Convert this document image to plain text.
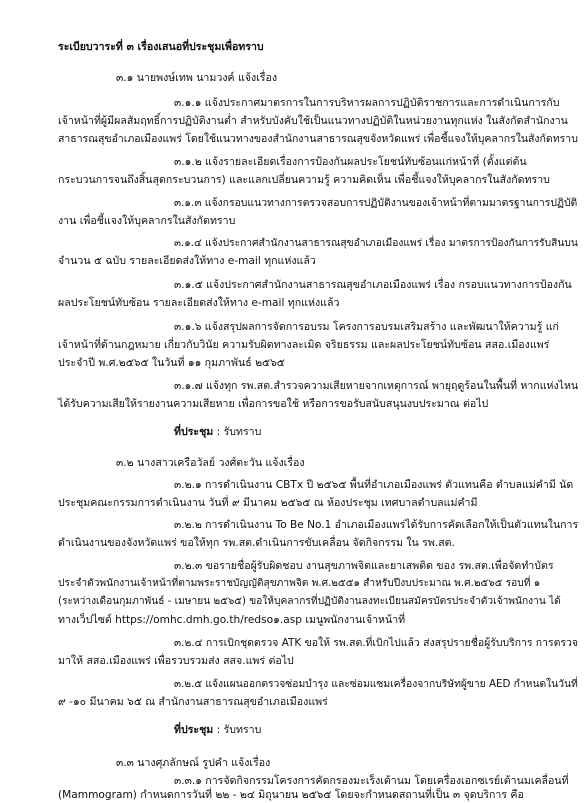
ระเบียบวาระที่ ๓ เรื่องเสนอที่ประชุมเพื่อทราบ
๓.๑ นายพงษ์เทพ นามวงค์ แจ้งเรื่อง
๓.๑.๑ แจ้งประกาศมาตรการในการบริหารผลการปฏิบัติราชการและการดำเนินการกับ
เจ้าหน้าที่ผู้มีผลสัมฤทธิ์การปฏิบัติงานต่ำ สำหรับบังคับใช้เป็นแนวทางปฏิบัติในหน่วยงานทุกแห่ง ในสังกัดสำนักงาน
สาธารณสุขอำเภอเมืองแพร่ โดยใช้แนวทางของสำนักงานสาธารณสุขจังหวัดแพร่ เพื่อชี้แจงให้บุคลากรในสังกัดทราบ
๓.๑.๒ แจ้งรายละเอียดเรื่องการป้องกันผลประโยชน์ทับซ้อนแก่หน้าที่ (ตั้งแต่ต้น
กระบวนการจนถึงสิ้นสุดกระบวนการ) และแลกเปลี่ยนความรู้ ความคิดเห็น เพื่อชี้แจงให้บุคลากรในสังกัดทราบ
๓.๑.๓ แจ้งกรอบแนวทางการตรวจสอบการปฏิบัติงานของเจ้าหน้าที่ตามมาตรฐานการปฏิบัติ
งาน เพื่อชี้แจงให้บุคลากรในสังกัดทราบ
๓.๑.๔ แจ้งประกาศสำนักงานสาธารณสุขอำเภอเมืองแพร่ เรื่อง มาตรการป้องกันการรับสินบน
จำนวน ๕ ฉบับ รายละเอียดส่งให้ทาง e-mail ทุกแห่งแล้ว
๓.๑.๕ แจ้งประกาศสำนักงานสาธารณสุขอำเภอเมืองแพร่ เรื่อง กรอบแนวทางการป้องกัน
ผลประโยชน์ทับซ้อน รายละเอียดส่งให้ทาง e-mail ทุกแห่งแล้ว
๓.๑.๖ แจ้งสรุปผลการจัดการอบรม โครงการอบรมเสริมสร้าง และพัฒนาให้ความรู้ แก่
เจ้าหน้าที่ด้านกฎหมาย เกี่ยวกับวินัย ความรับผิดทางละเมิด จริยธรรม และผลประโยชน์ทับซ้อน สสอ.เมืองแพร่
ประจำปี พ.ศ.๒๕๖๕ ในวันที่ ๑๑ กุมภาพันธ์ ๒๕๖๕
๓.๑.๗ แจ้งทุก รพ.สต.สำรวจความเสียหายจากเหตุการณ์ พายุฤดูร้อนในพื้นที่ หากแห่งไหน
ได้รับความเสียให้รายงานความเสียหาย เพื่อการขอใช้ หรือการขอรับสนับสนุนงบประมาณ ต่อไป
ที่ประชุม : รับทราบ
๓.๒ นางสาวเครือวัลย์ วงศ์ตะวัน แจ้งเรื่อง
๓.๒.๑ การดำเนินงาน CBTx ปี ๒๕๖๕ พื้นที่อำเภอเมืองแพร่ ตัวแทนคือ ตำบลแม่คำมี นัด
ประชุมคณะกรรมการดำเนินงาน วันที่ ๙ มีนาคม ๒๕๖๕ ณ ห้องประชุม เทศบาลตำบลแม่คำมี
๓.๒.๒ การดำเนินงาน To Be No.1 อำเภอเมืองแพร่ได้รับการคัดเลือกให้เป็นตัวแทนในการ
ดำเนินงานของจังหวัดแพร่ ขอให้ทุก รพ.สต.ดำเนินการขับเคลื่อน จัดกิจกรรม ใน รพ.สต.
๓.๒.๓ ขอรายชื่อผู้รับผิดชอบ งานสุขภาพจิตและยาเสพติด ของ รพ.สต.เพื่อจัดทำบัตร
ประจำตัวพนักงานเจ้าหน้าที่ตามพระราชบัญญัติสุขภาพจิต พ.ศ.๒๕๕๑ สำหรับปีงบประมาณ พ.ศ.๒๕๖๕ รอบที่ ๑
(ระหว่างเดือนกุมภาพันธ์ - เมษายน ๒๕๖๕) ขอให้บุคลากรที่ปฏิบัติงานลงทะเบียนสมัครบัตรประจำตัวเจ้าพนักงาน ได้
ทางเว็ปไซต์ https://omhc.dmh.go.th/redso๑.asp เมนูพนักงานเจ้าหน้าที่
๓.๒.๔ การเบิกชุดตรวจ ATK ขอให้ รพ.สต.ที่เบิกไปแล้ว ส่งสรุปรายชื่อผู้รับบริการ การตรวจ
มาให้ สสอ.เมืองแพร่ เพื่อรวบรวมส่ง สสจ.แพร่ ต่อไป
๓.๒.๕ แจ้งแผนออกตรวจซ่อมบำรุง และซ่อมแซมเครื่องจากบริษัทผู้ขาย AED กำหนดในวันที่
๙ -๑๐ มีนาคม ๖๕ ณ สำนักงานสาธารณสุขอำเภอเมืองแพร่
ที่ประชุม : รับทราบ
๓.๓ นางศุภลักษณ์ รูปคำ แจ้งเรื่อง
๓.๓.๑ การจัดกิจกรรมโครงการคัดกรองมะเร็งเต้านม โดยเครื่องเอกซเรย์เต้านมเคลื่อนที่
(Mammogram) กำหนดการวันที่ ๒๒ - ๒๔ มิถุนายน ๒๕๖๕ โดยจะกำหนดสถานที่เป็น ๓ จุดบริการ คือ
